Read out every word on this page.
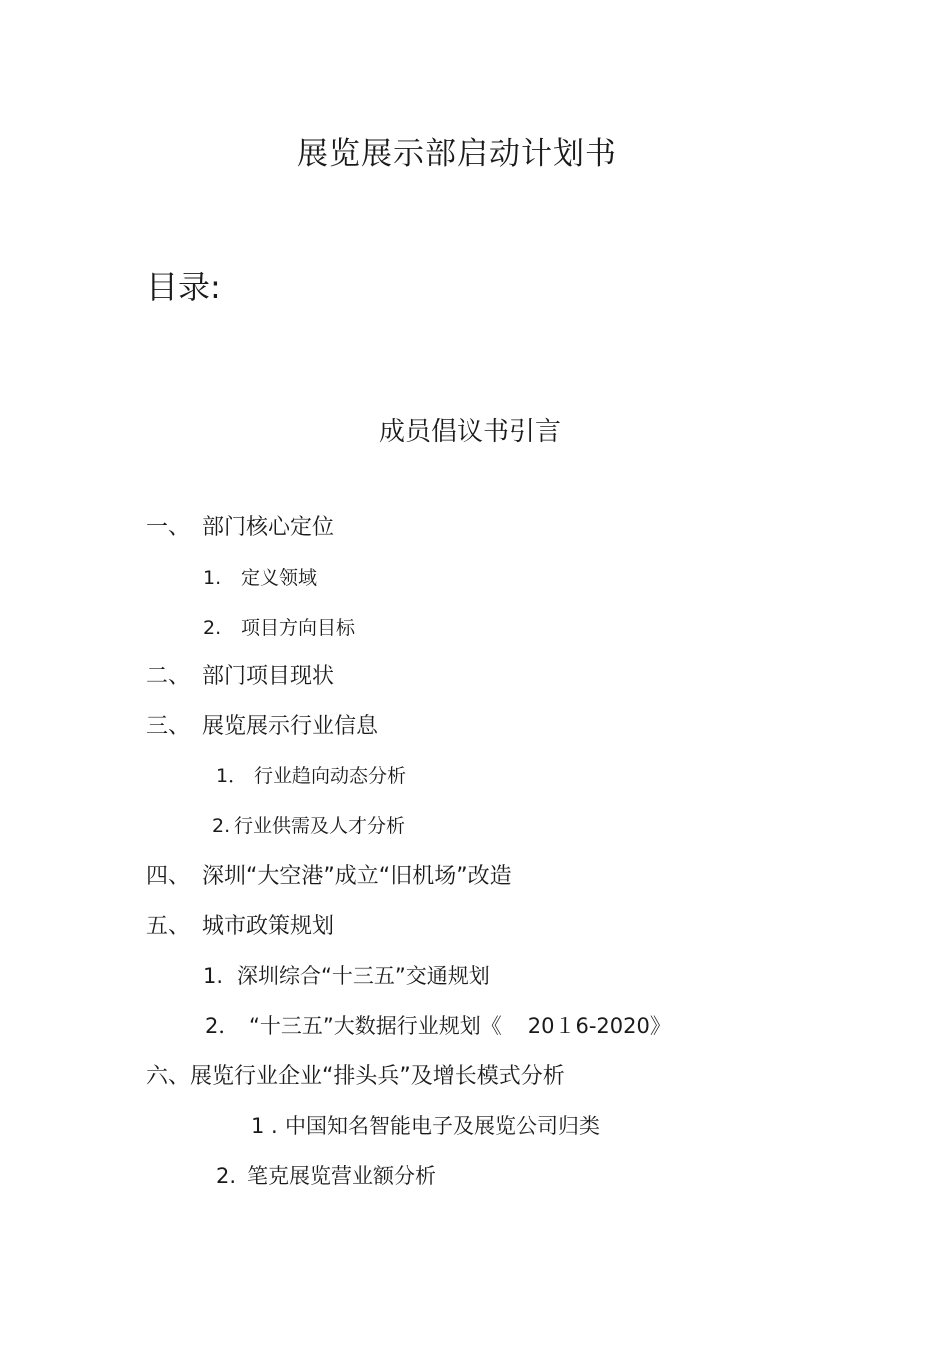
展览展示部启动计划书
目录:
成员倡议书引言
一、 部门核心定位
1. 定义领域
2. 项目方向目标
二、 部门项目现状
三、 展览展示行业信息
1． 行业趋向动态分析
2. 行业供需及人才分析
四、 深圳“大空港”成立“旧机场”改造
五、 城市政策规划
1. 深圳综合“十三五”交通规划
2． “十三五”大数据行业规划《 20１6-2020》
六、展览行业企业“排头兵”及增长模式分析
1 . 中国知名智能电子及展览公司归类
2. 笔克展览营业额分析
